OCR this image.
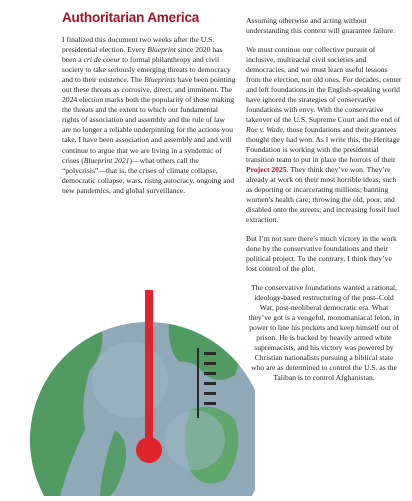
Authoritarian America

I finalized this document two weeks after the U.S. presidential election. Every Blueprint since 2020 has been a cri de coeur to formal philanthropy and civil society to take seriously emerging threats to democracy and to their existence. The Blueprints have been pointing out these threats as corrosive, direct, and imminent. The 2024 election marks both the popularity of those making the threats and the extent to which our fundamental rights of association and assembly and the rule of law are no longer a reliable underpinning for the actions you take. I have been association and assembly and and will continue to argue that we are living in a syndemic of crises (Blueprint 2021)—what others call the “polycrisis”—that is, the crises of climate collapse, democratic collapse, wars, rising autocracy, ongoing and new pandemics, and global surveillance.

Assuming otherwise and acting without understanding this context will guarantee failure.

We must continue our collective pursuit of inclusive, multiracial civil societies and democracies, and we must learn useful lessons from the election, not old ones. For decades, center and left foundations in the English-speaking world have ignored the strategies of conservative foundations with envy. With the conservative takeover of the U.S. Supreme Court and the end of Roe v. Wade, those foundations and their grantees thought they had won. As I write this, the Heritage Foundation is working with the presidential transition team to put in place the horrors of their Project 2025. They think they’ve won. They’re already at work on their most horrible ideas, such as deporting or incarcerating millions; banning women’s health care; throwing the old, poor, and disabled onto the streets; and increasing fossil fuel extraction.

But I’m not sure there’s much victory in the work done by the conservative foundations and their political project. To the contrary, I think they’ve lost control of the plot.

The conservative foundations wanted a rational, ideology-based restructuring of the post–Cold War, post-neoliberal democratic era. What they’ve got is a vengeful, monomaniacal felon, in power to line his pockets and keep himself out of prison. He is backed by heavily armed white supremacists, and his victory was powered by Christian nationalists pursuing a biblical state who are as determined to control the U.S. as the Taliban is to control Afghanistan.
